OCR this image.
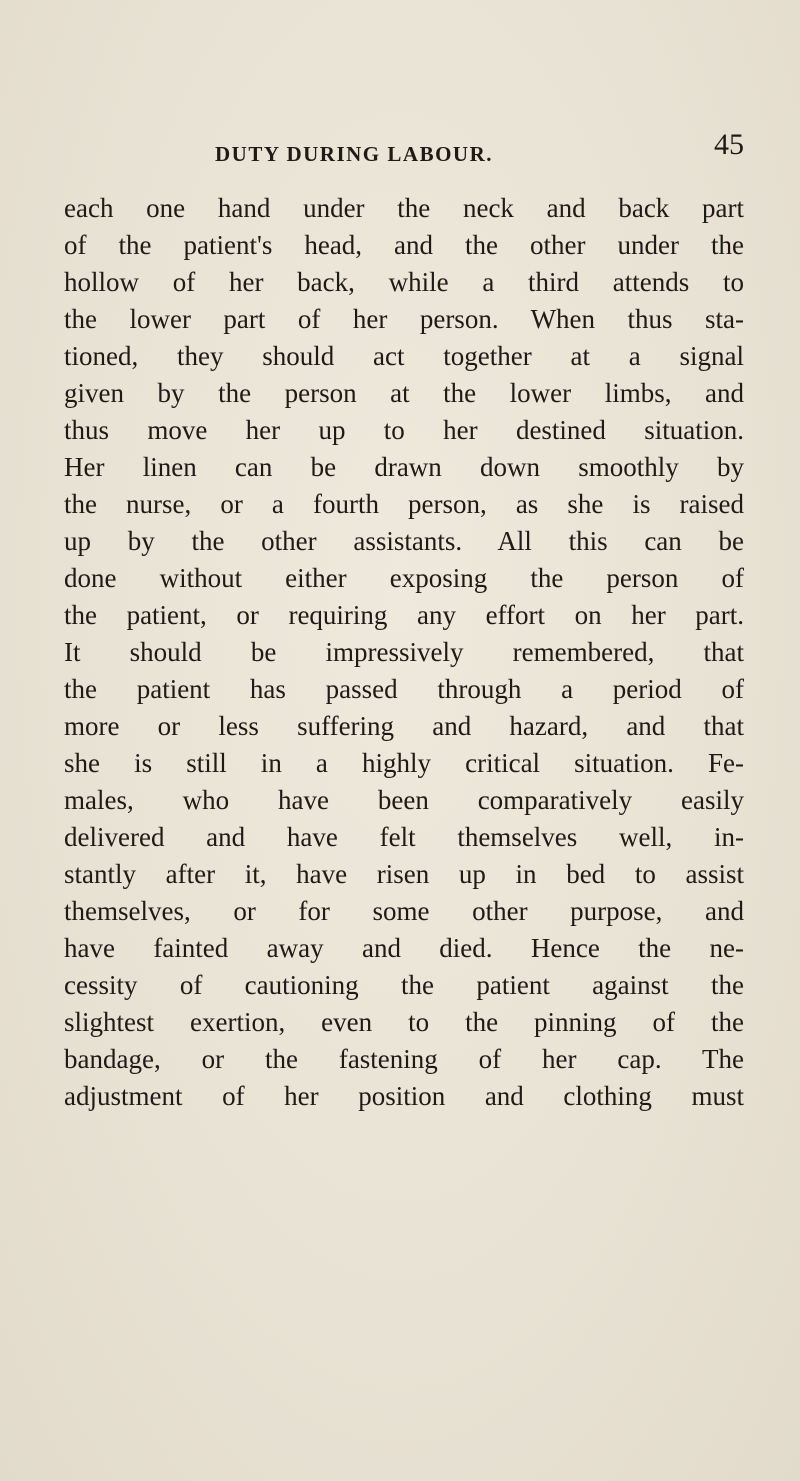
DUTY DURING LABOUR.	45
each one hand under the neck and back part
of the patient's head, and the other under the
hollow of her back, while a third attends to
the lower part of her person. When thus sta-
tioned, they should act together at a signal
given by the person at the lower limbs, and
thus move her up to her destined situation.
Her linen can be drawn down smoothly by
the nurse, or a fourth person, as she is raised
up by the other assistants. All this can be
done without either exposing the person of
the patient, or requiring any effort on her part.
It should be impressively remembered, that
the patient has passed through a period of
more or less suffering and hazard, and that
she is still in a highly critical situation. Fe-
males, who have been comparatively easily
delivered and have felt themselves well, in-
stantly after it, have risen up in bed to assist
themselves, or for some other purpose, and
have fainted away and died. Hence the ne-
cessity of cautioning the patient against the
slightest exertion, even to the pinning of the
bandage, or the fastening of her cap. The
adjustment of her position and clothing must
